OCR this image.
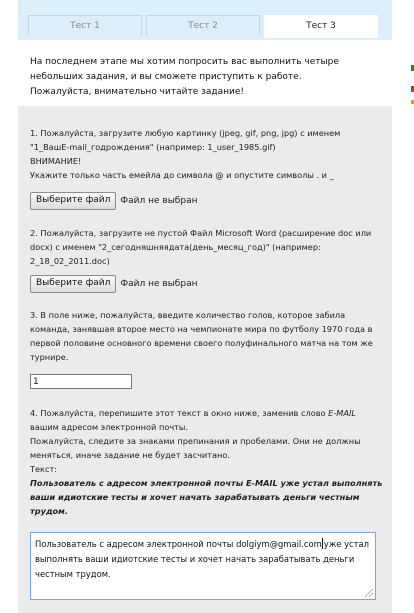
Тест 1	Тест 2	Тест 3
На последнем этапе мы хотим попросить вас выполнить четыре
небольших задания, и вы сможете приступить к работе.
Пожалуйста, внимательно читайте задание!
1. Пожалуйста, загрузите любую картинку (jpeg, gif, png, jpg) с именем
"1_ВашE-mail_годрождения" (например: 1_user_1985.gif)
ВНИМАНИЕ!
Укажите только часть емейла до символа @ и опустите символы . и _
Выберите файл Файл не выбран
2. Пожалуйста, загрузите не пустой Файл Microsoft Word (расширение doc или
docx) с именем "2_сегодняшняядата(день_месяц_год)" (например:
2_18_02_2011.doc)
Выберите файл Файл не выбран
3. В поле ниже, пожалуйста, введите количество голов, которое забила
команда, занявшая второе место на чемпионате мира по футболу 1970 года в
первой половине основного времени своего полуфинального матча на том же
турнире.
1
4. Пожалуйста, перепишите этот текст в окно ниже, заменив слово E-MAIL
вашим адресом электронной почты.
Пожалуйста, следите за знаками препинания и пробелами. Они не должны
меняться, иначе задание не будет засчитано.
Текст:
Пользователь с адресом электронной почты E-MAIL уже устал выполнять
ваши идиотские тесты и хочет начать зарабатывать деньги честным
трудом.
Пользователь с адресом электронной почты dolgiym@gmail.com уже устал
выполнять ваши идиотские тесты и хочет начать зарабатывать деньги
честным трудом.
